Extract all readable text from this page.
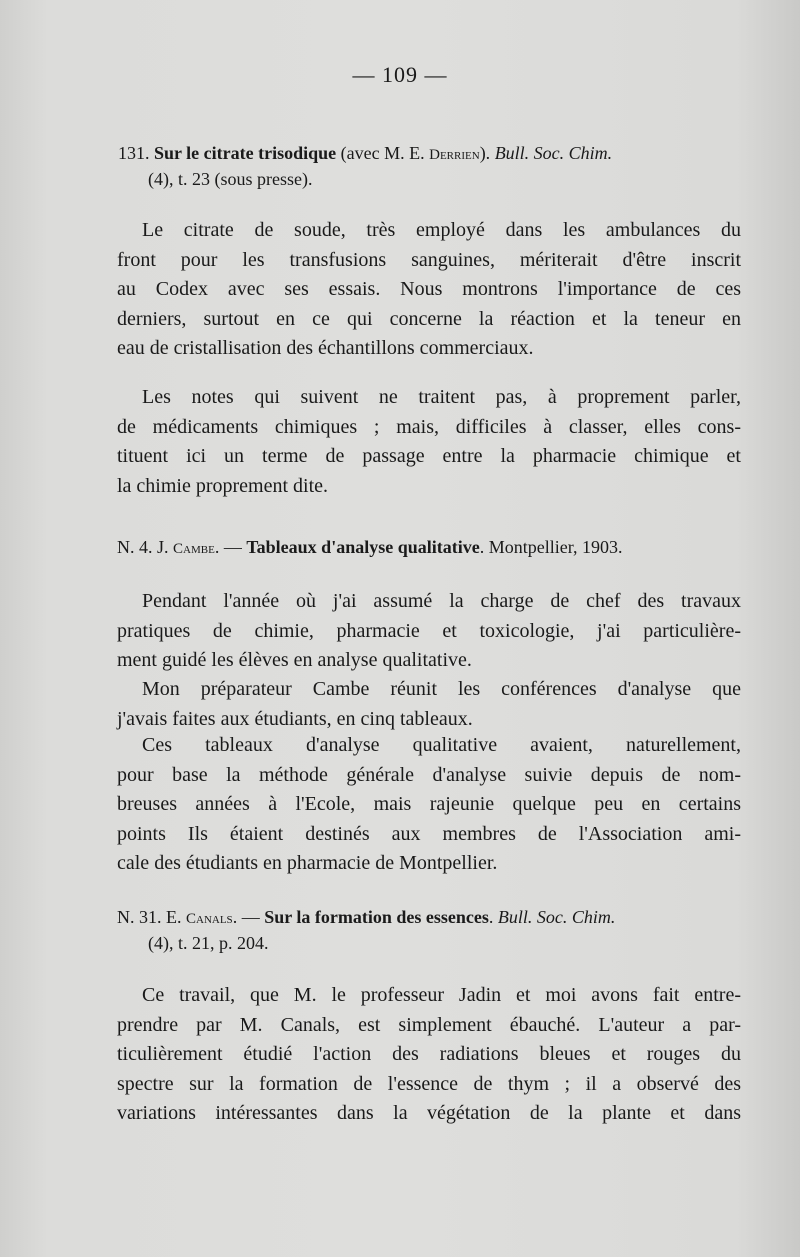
— 109 —
131. Sur le citrate trisodique (avec M. E. Derrien). Bull. Soc. Chim.
(4), t. 23 (sous presse).
Le citrate de soude, très employé dans les ambulances du
front pour les transfusions sanguines, mériterait d'être inscrit
au Codex avec ses essais. Nous montrons l'importance de ces
derniers, surtout en ce qui concerne la réaction et la teneur en
eau de cristallisation des échantillons commerciaux.
Les notes qui suivent ne traitent pas, à proprement parler,
de médicaments chimiques ; mais, difficiles à classer, elles cons-
tituent ici un terme de passage entre la pharmacie chimique et
la chimie proprement dite.
N. 4. J. Cambe. — Tableaux d'analyse qualitative. Montpellier, 1903.
Pendant l'année où j'ai assumé la charge de chef des travaux
pratiques de chimie, pharmacie et toxicologie, j'ai particulière-
ment guidé les élèves en analyse qualitative.
Mon préparateur Cambe réunit les conférences d'analyse que
j'avais faites aux étudiants, en cinq tableaux.
Ces tableaux d'analyse qualitative avaient, naturellement,
pour base la méthode générale d'analyse suivie depuis de nom-
breuses années à l'Ecole, mais rajeunie quelque peu en certains
points Ils étaient destinés aux membres de l'Association ami-
cale des étudiants en pharmacie de Montpellier.
N. 31. E. Canals. — Sur la formation des essences. Bull. Soc. Chim.
(4), t. 21, p. 204.
Ce travail, que M. le professeur Jadin et moi avons fait entre-
prendre par M. Canals, est simplement ébauché. L'auteur a par-
ticulièrement étudié l'action des radiations bleues et rouges du
spectre sur la formation de l'essence de thym ; il a observé des
variations intéressantes dans la végétation de la plante et dans
